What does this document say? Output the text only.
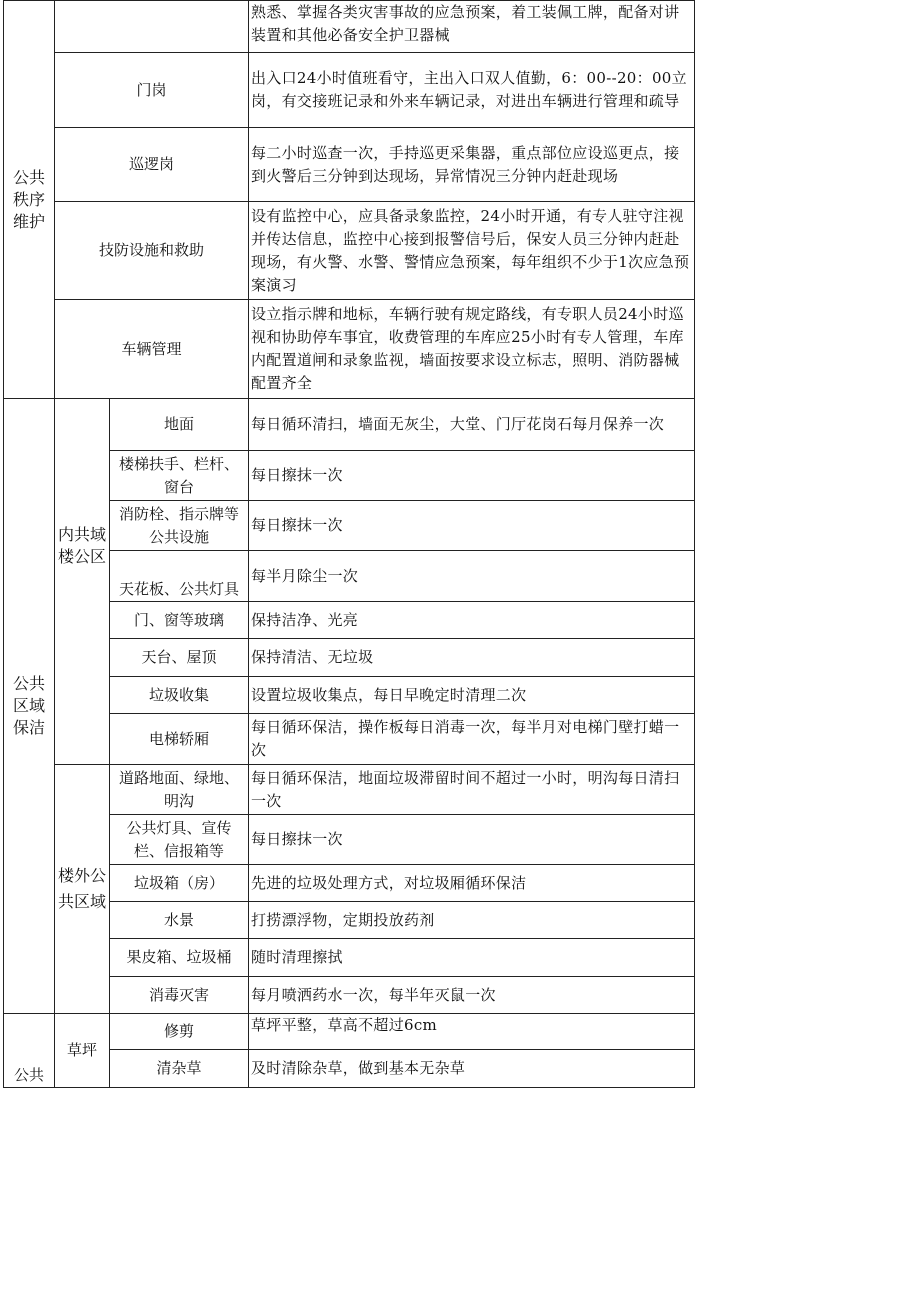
公共秩序维护			熟悉、掌握各类灾害事故的应急预案，着工装佩工牌，配备对讲装置和其他必备安全护卫器械
	门岗		出入口24小时值班看守，主出入口双人值勤，6：00--20：00立岗，有交接班记录和外来车辆记录，对进出车辆进行管理和疏导
	巡逻岗		每二小时巡查一次，手持巡更采集器，重点部位应设巡更点，接到火警后三分钟到达现场，异常情况三分钟内赶赴现场
	技防设施和救助		设有监控中心，应具备录象监控，24小时开通，有专人驻守注视并传达信息，监控中心接到报警信号后，保安人员三分钟内赶赴现场，有火警、水警、警情应急预案，每年组织不少于1次应急预案演习
	车辆管理		设立指示牌和地标，车辆行驶有规定路线，有专职人员24小时巡视和协助停车事宜，收费管理的车库应25小时有专人管理，车库内配置道闸和录象监视，墙面按要求设立标志，照明、消防器械配置齐全
公共区域保洁	内共域楼公区	地面	每日循环清扫，墙面无灰尘，大堂、门厅花岗石每月保养一次
		楼梯扶手、栏杆、窗台	每日擦抹一次
		消防栓、指示牌等公共设施	每日擦抹一次
		天花板、公共灯具	每半月除尘一次
		门、窗等玻璃	保持洁净、光亮
		天台、屋顶	保持清洁、无垃圾
		垃圾收集	设置垃圾收集点，每日早晚定时清理二次
		电梯轿厢	每日循环保洁，操作板每日消毒一次，每半月对电梯门壁打蜡一次
	楼外公共区域	道路地面、绿地、明沟	每日循环保洁，地面垃圾滞留时间不超过一小时，明沟每日清扫一次
		公共灯具、宣传栏、信报箱等	每日擦抹一次
		垃圾箱（房）	先进的垃圾处理方式，对垃圾厢循环保洁
		水景	打捞漂浮物，定期投放药剂
		果皮箱、垃圾桶	随时清理擦拭
		消毒灭害	每月喷洒药水一次，每半年灭鼠一次
公共	草坪	修剪	草坪平整，草高不超过6cm
		清杂草	及时清除杂草，做到基本无杂草
